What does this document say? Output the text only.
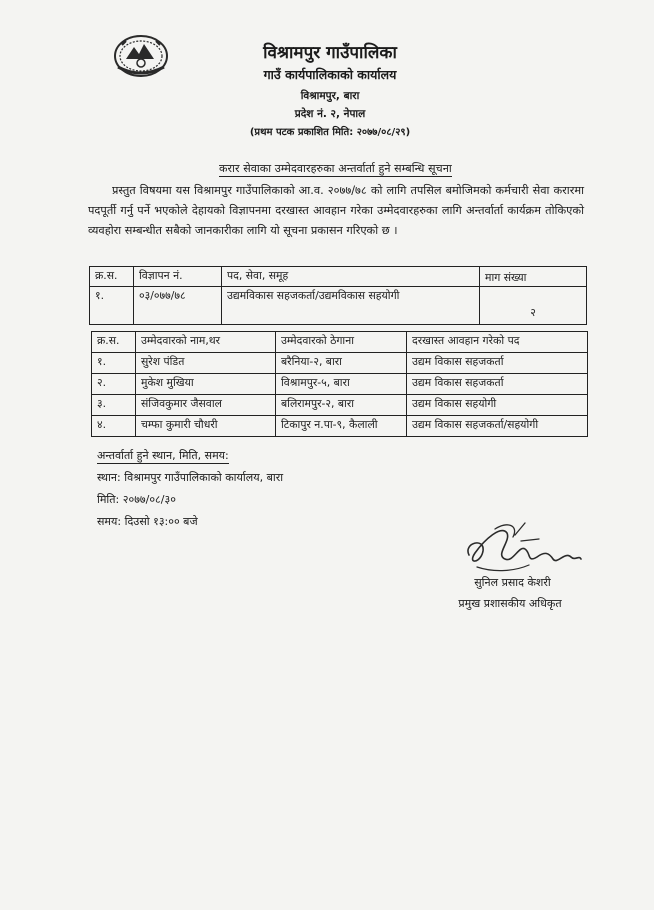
विश्रामपुर गाउँपालिका
गाउँ कार्यपालिकाको कार्यालय
विश्रामपुर, बारा
प्रदेश नं. २, नेपाल
(प्रथम पटक प्रकाशित मिति: २०७७/०८/२९)
करार सेवाका उम्मेदवारहरुका अन्तर्वार्ता हुने सम्बन्धि सूचना
प्रस्तुत विषयमा यस विश्रामपुर गाउँपालिकाको आ.व. २०७७/७८ को लागि तपसिल बमोजिमको कर्मचारी सेवा करारमा पदपूर्ती गर्नु पर्ने भएकोले देहायको विज्ञापनमा दरखास्त आवहान गरेका उम्मेदवारहरुका लागि अन्तर्वार्ता कार्यक्रम तोकिएको व्यवहोरा सम्बन्धीत सबैको जानकारीका लागि यो सूचना प्रकासन गरिएको छ ।
क्र.स.	विज्ञापन नं.	पद, सेवा, समूह	माग संख्या
१.	०३/०७७/७८	उद्यमविकास सहजकर्ता/उद्यमविकास सहयोगी	२
क्र.स.	उम्मेदवारको नाम,थर	उम्मेदवारको ठेगाना	दरखास्त आवहान गरेको पद
१.	सुरेश पंडित	बरैनिया-२, बारा	उद्यम विकास सहजकर्ता
२.	मुकेश मुखिया	विश्रामपुर-५, बारा	उद्यम विकास सहजकर्ता
३.	संजिवकुमार जैसवाल	बलिरामपुर-२, बारा	उद्यम विकास सहयोगी
४.	चम्फा कुमारी चौधरी	टिकापुर न.पा-९, कैलाली	उद्यम विकास सहजकर्ता/सहयोगी
अन्तर्वार्ता हुने स्थान, मिति, समय:
स्थान: विश्रामपुर गाउँपालिकाको कार्यालय, बारा
मिति: २०७७/०८/३०
समय: दिउसो १३:०० बजे
सुनिल प्रसाद केशरी
प्रमुख प्रशासकीय अधिकृत
